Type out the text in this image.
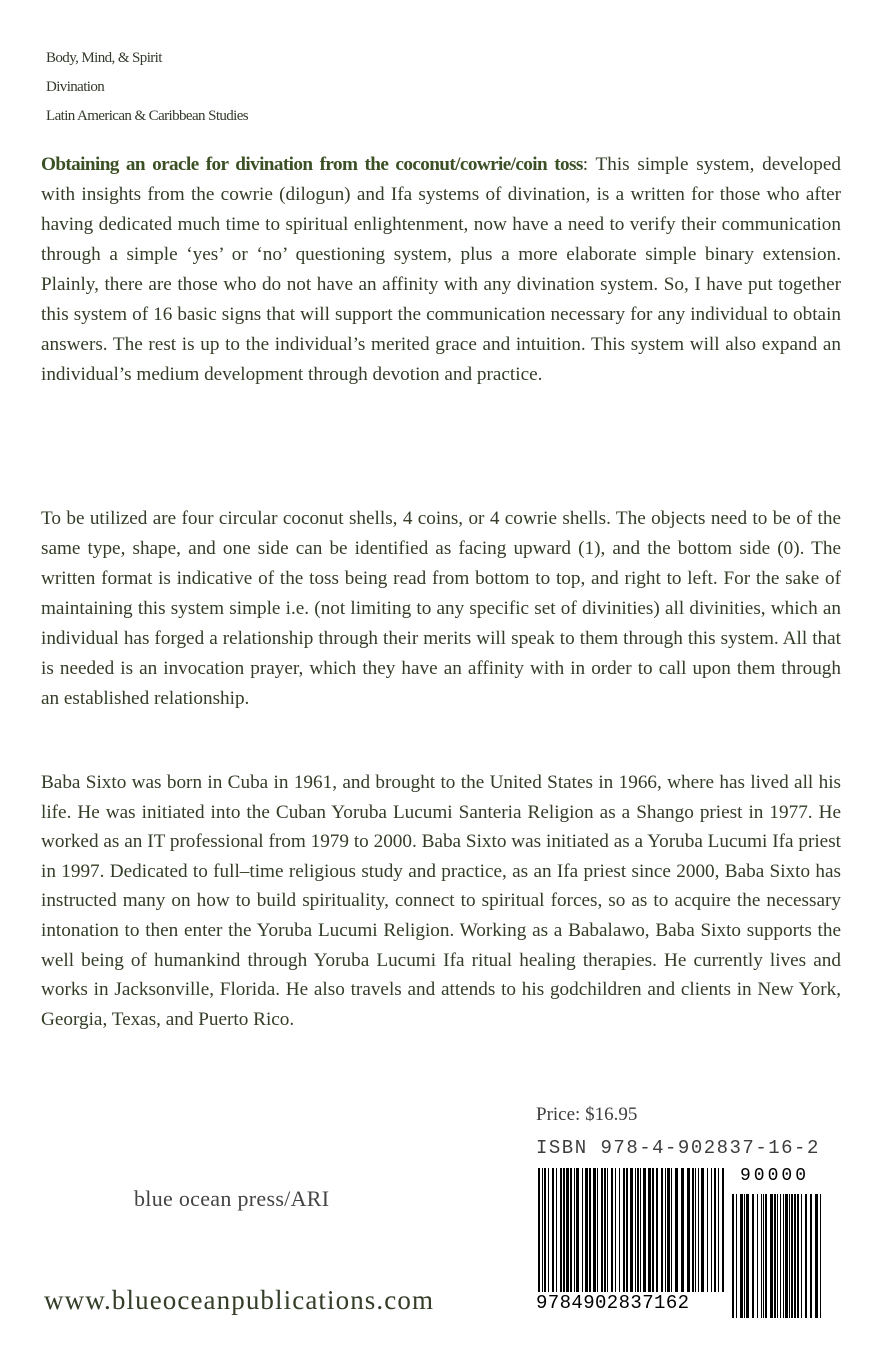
Body, Mind, & Spirit
Divination
Latin American & Caribbean Studies
Obtaining an oracle for divination from the coconut/cowrie/coin toss: This simple system, developed with insights from the cowrie (dilogun) and Ifa systems of divination, is a written for those who after having dedicated much time to spiritual enlightenment, now have a need to verify their communication through a simple ‘yes’ or ‘no’ questioning system, plus a more elaborate simple binary extension. Plainly, there are those who do not have an affinity with any divination system. So, I have put together this system of 16 basic signs that will support the communication necessary for any individual to obtain answers. The rest is up to the individual’s merited grace and intuition. This system will also expand an individual’s medium development through devotion and practice.
To be utilized are four circular coconut shells, 4 coins, or 4 cowrie shells. The objects need to be of the same type, shape, and one side can be identified as facing upward (1), and the bottom side (0). The written format is indicative of the toss being read from bottom to top, and right to left. For the sake of maintaining this system simple i.e. (not limiting to any specific set of divinities) all divinities, which an individual has forged a relationship through their merits will speak to them through this system. All that is needed is an invocation prayer, which they have an affinity with in order to call upon them through an established relationship.
Baba Sixto was born in Cuba in 1961, and brought to the United States in 1966, where has lived all his life. He was initiated into the Cuban Yoruba Lucumi Santeria Religion as a Shango priest in 1977. He worked as an IT professional from 1979 to 2000. Baba Sixto was initiated as a Yoruba Lucumi Ifa priest in 1997. Dedicated to full–time religious study and practice, as an Ifa priest since 2000, Baba Sixto has instructed many on how to build spirituality, connect to spiritual forces, so as to acquire the necessary intonation to then enter the Yoruba Lucumi Religion. Working as a Babalawo, Baba Sixto supports the well being of humankind through Yoruba Lucumi Ifa ritual healing therapies. He currently lives and works in Jacksonville, Florida. He also travels and attends to his godchildren and clients in New York, Georgia, Texas, and Puerto Rico.
Price: $16.95
ISBN 978-4-902837-16-2
blue ocean press/ARI
www.blueoceanpublications.com
90000
9784902837162
